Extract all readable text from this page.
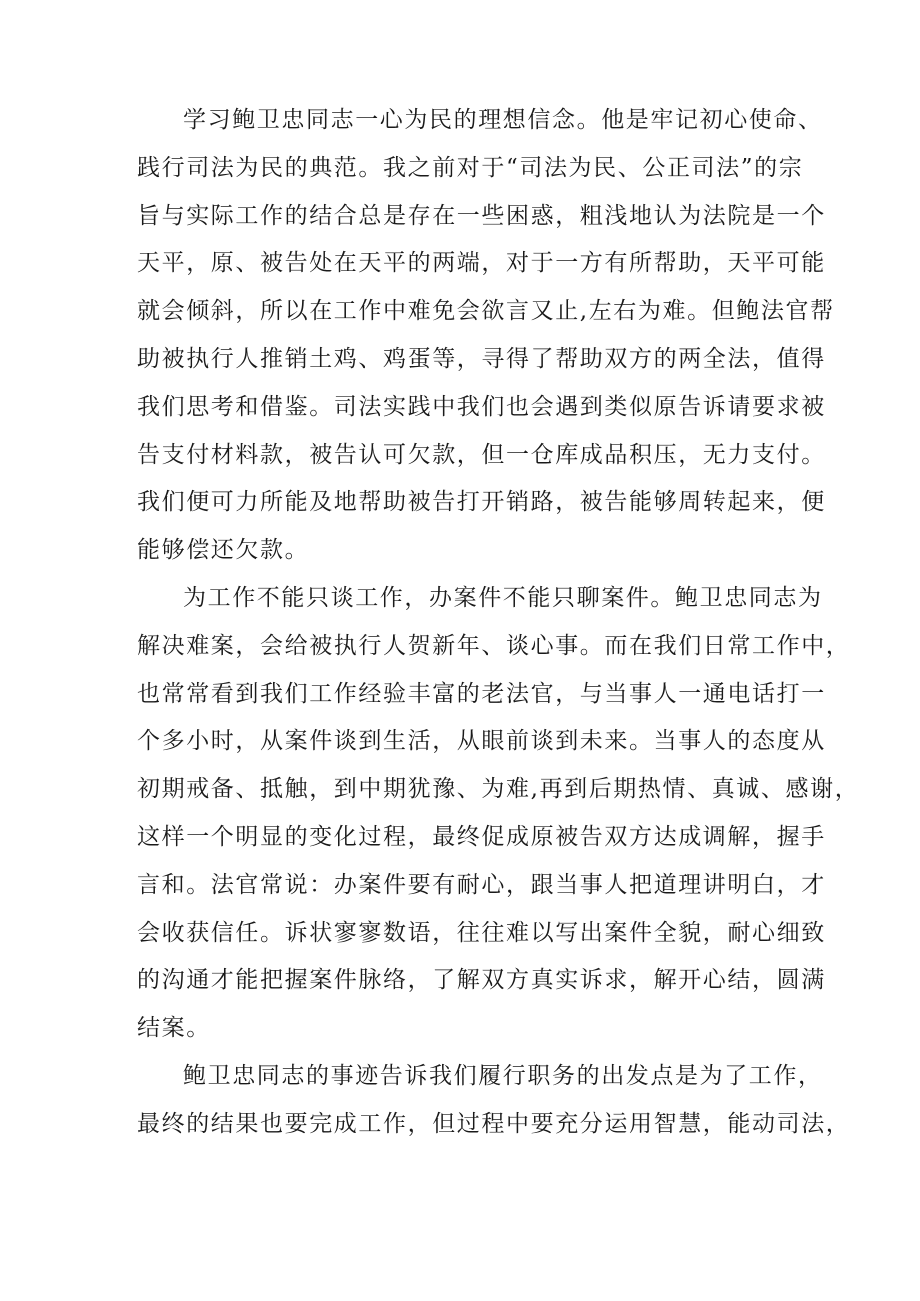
学习鲍卫忠同志一心为民的理想信念。他是牢记初心使命、
践行司法为民的典范。我之前对于“司法为民、公正司法”的宗
旨与实际工作的结合总是存在一些困惑，粗浅地认为法院是一个
天平，原、被告处在天平的两端，对于一方有所帮助，天平可能
就会倾斜，所以在工作中难免会欲言又止,左右为难。但鲍法官帮
助被执行人推销土鸡、鸡蛋等，寻得了帮助双方的两全法，值得
我们思考和借鉴。司法实践中我们也会遇到类似原告诉请要求被
告支付材料款，被告认可欠款，但一仓库成品积压，无力支付。
我们便可力所能及地帮助被告打开销路，被告能够周转起来，便
能够偿还欠款。
为工作不能只谈工作，办案件不能只聊案件。鲍卫忠同志为
解决难案，会给被执行人贺新年、谈心事。而在我们日常工作中，
也常常看到我们工作经验丰富的老法官，与当事人一通电话打一
个多小时，从案件谈到生活，从眼前谈到未来。当事人的态度从
初期戒备、抵触，到中期犹豫、为难,再到后期热情、真诚、感谢，
这样一个明显的变化过程，最终促成原被告双方达成调解，握手
言和。法官常说：办案件要有耐心，跟当事人把道理讲明白，才
会收获信任。诉状寥寥数语，往往难以写出案件全貌，耐心细致
的沟通才能把握案件脉络，了解双方真实诉求，解开心结，圆满
结案。
鲍卫忠同志的事迹告诉我们履行职务的出发点是为了工作，
最终的结果也要完成工作，但过程中要充分运用智慧，能动司法，
